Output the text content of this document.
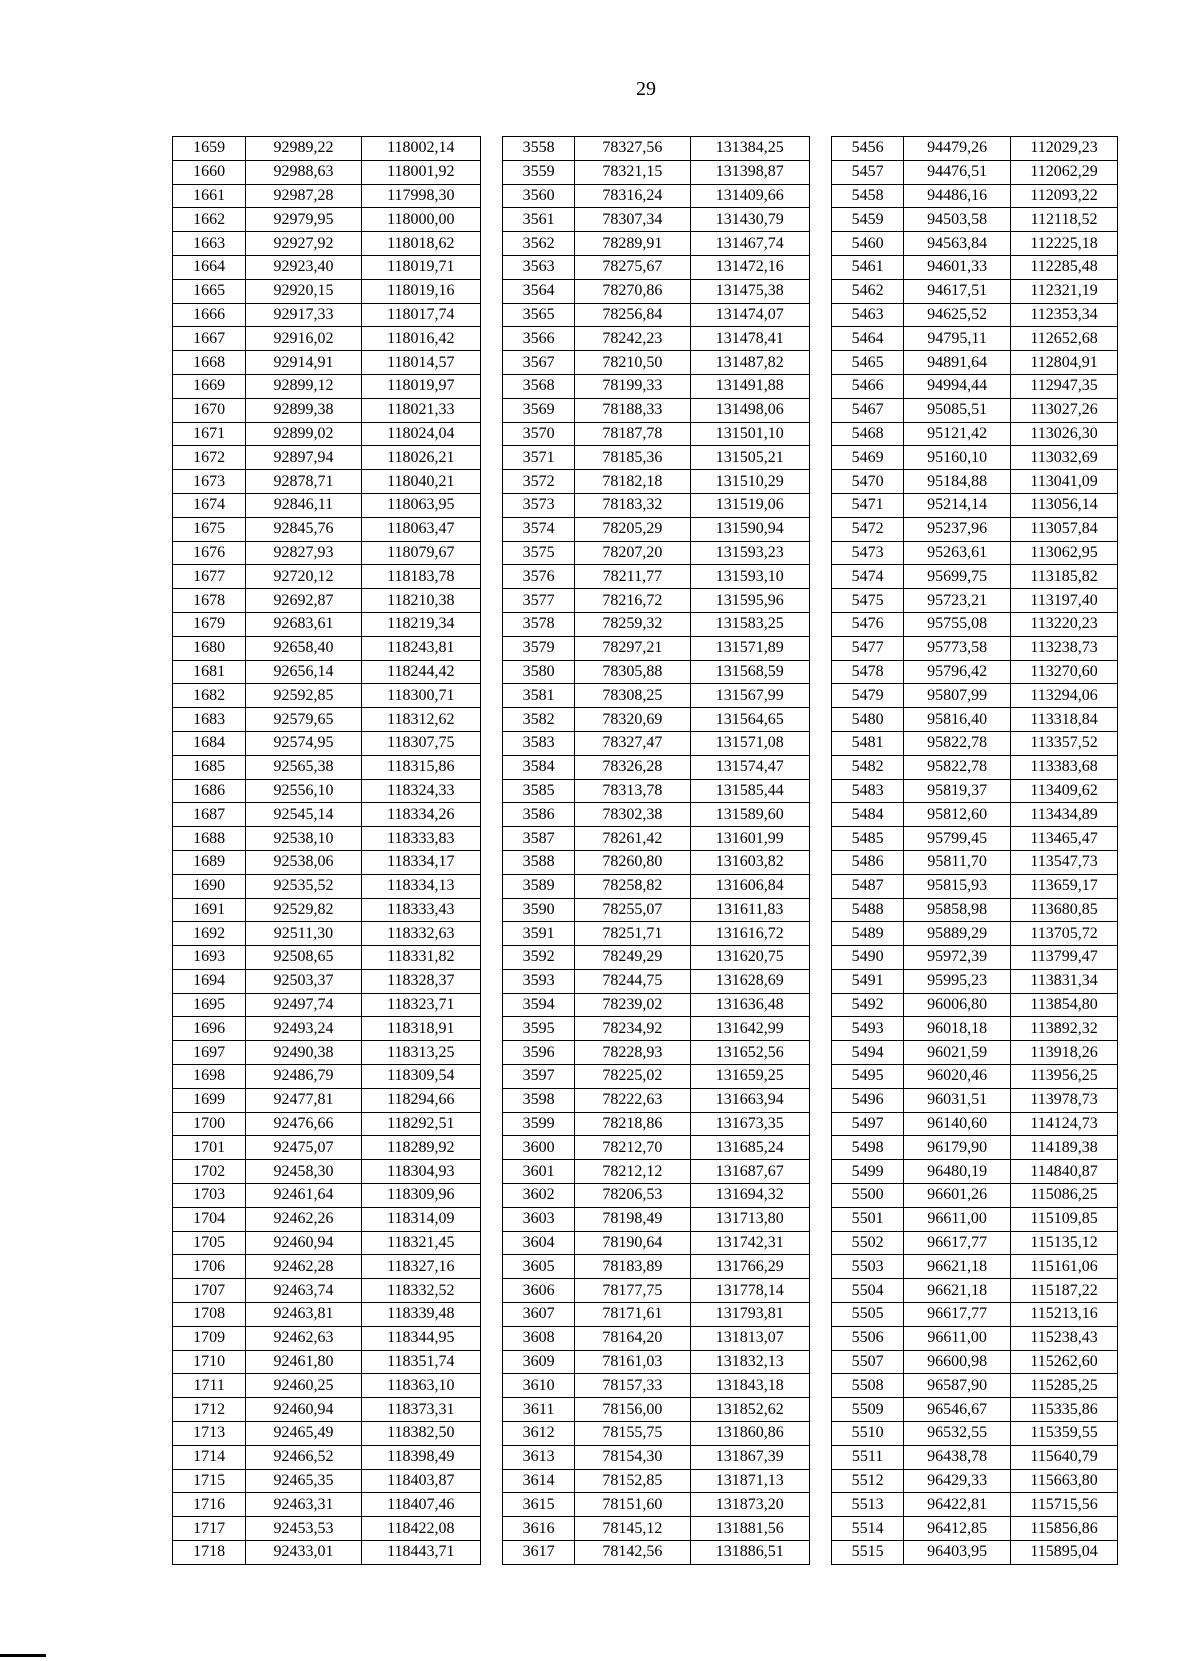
29
1659	92989,22	118002,14		3558	78327,56	131384,25		5456	94479,26	112029,23
1660	92988,63	118001,92		3559	78321,15	131398,87		5457	94476,51	112062,29
1661	92987,28	117998,30		3560	78316,24	131409,66		5458	94486,16	112093,22
1662	92979,95	118000,00		3561	78307,34	131430,79		5459	94503,58	112118,52
1663	92927,92	118018,62		3562	78289,91	131467,74		5460	94563,84	112225,18
1664	92923,40	118019,71		3563	78275,67	131472,16		5461	94601,33	112285,48
1665	92920,15	118019,16		3564	78270,86	131475,38		5462	94617,51	112321,19
1666	92917,33	118017,74		3565	78256,84	131474,07		5463	94625,52	112353,34
1667	92916,02	118016,42		3566	78242,23	131478,41		5464	94795,11	112652,68
1668	92914,91	118014,57		3567	78210,50	131487,82		5465	94891,64	112804,91
1669	92899,12	118019,97		3568	78199,33	131491,88		5466	94994,44	112947,35
1670	92899,38	118021,33		3569	78188,33	131498,06		5467	95085,51	113027,26
1671	92899,02	118024,04		3570	78187,78	131501,10		5468	95121,42	113026,30
1672	92897,94	118026,21		3571	78185,36	131505,21		5469	95160,10	113032,69
1673	92878,71	118040,21		3572	78182,18	131510,29		5470	95184,88	113041,09
1674	92846,11	118063,95		3573	78183,32	131519,06		5471	95214,14	113056,14
1675	92845,76	118063,47		3574	78205,29	131590,94		5472	95237,96	113057,84
1676	92827,93	118079,67		3575	78207,20	131593,23		5473	95263,61	113062,95
1677	92720,12	118183,78		3576	78211,77	131593,10		5474	95699,75	113185,82
1678	92692,87	118210,38		3577	78216,72	131595,96		5475	95723,21	113197,40
1679	92683,61	118219,34		3578	78259,32	131583,25		5476	95755,08	113220,23
1680	92658,40	118243,81		3579	78297,21	131571,89		5477	95773,58	113238,73
1681	92656,14	118244,42		3580	78305,88	131568,59		5478	95796,42	113270,60
1682	92592,85	118300,71		3581	78308,25	131567,99		5479	95807,99	113294,06
1683	92579,65	118312,62		3582	78320,69	131564,65		5480	95816,40	113318,84
1684	92574,95	118307,75		3583	78327,47	131571,08		5481	95822,78	113357,52
1685	92565,38	118315,86		3584	78326,28	131574,47		5482	95822,78	113383,68
1686	92556,10	118324,33		3585	78313,78	131585,44		5483	95819,37	113409,62
1687	92545,14	118334,26		3586	78302,38	131589,60		5484	95812,60	113434,89
1688	92538,10	118333,83		3587	78261,42	131601,99		5485	95799,45	113465,47
1689	92538,06	118334,17		3588	78260,80	131603,82		5486	95811,70	113547,73
1690	92535,52	118334,13		3589	78258,82	131606,84		5487	95815,93	113659,17
1691	92529,82	118333,43		3590	78255,07	131611,83		5488	95858,98	113680,85
1692	92511,30	118332,63		3591	78251,71	131616,72		5489	95889,29	113705,72
1693	92508,65	118331,82		3592	78249,29	131620,75		5490	95972,39	113799,47
1694	92503,37	118328,37		3593	78244,75	131628,69		5491	95995,23	113831,34
1695	92497,74	118323,71		3594	78239,02	131636,48		5492	96006,80	113854,80
1696	92493,24	118318,91		3595	78234,92	131642,99		5493	96018,18	113892,32
1697	92490,38	118313,25		3596	78228,93	131652,56		5494	96021,59	113918,26
1698	92486,79	118309,54		3597	78225,02	131659,25		5495	96020,46	113956,25
1699	92477,81	118294,66		3598	78222,63	131663,94		5496	96031,51	113978,73
1700	92476,66	118292,51		3599	78218,86	131673,35		5497	96140,60	114124,73
1701	92475,07	118289,92		3600	78212,70	131685,24		5498	96179,90	114189,38
1702	92458,30	118304,93		3601	78212,12	131687,67		5499	96480,19	114840,87
1703	92461,64	118309,96		3602	78206,53	131694,32		5500	96601,26	115086,25
1704	92462,26	118314,09		3603	78198,49	131713,80		5501	96611,00	115109,85
1705	92460,94	118321,45		3604	78190,64	131742,31		5502	96617,77	115135,12
1706	92462,28	118327,16		3605	78183,89	131766,29		5503	96621,18	115161,06
1707	92463,74	118332,52		3606	78177,75	131778,14		5504	96621,18	115187,22
1708	92463,81	118339,48		3607	78171,61	131793,81		5505	96617,77	115213,16
1709	92462,63	118344,95		3608	78164,20	131813,07		5506	96611,00	115238,43
1710	92461,80	118351,74		3609	78161,03	131832,13		5507	96600,98	115262,60
1711	92460,25	118363,10		3610	78157,33	131843,18		5508	96587,90	115285,25
1712	92460,94	118373,31		3611	78156,00	131852,62		5509	96546,67	115335,86
1713	92465,49	118382,50		3612	78155,75	131860,86		5510	96532,55	115359,55
1714	92466,52	118398,49		3613	78154,30	131867,39		5511	96438,78	115640,79
1715	92465,35	118403,87		3614	78152,85	131871,13		5512	96429,33	115663,80
1716	92463,31	118407,46		3615	78151,60	131873,20		5513	96422,81	115715,56
1717	92453,53	118422,08		3616	78145,12	131881,56		5514	96412,85	115856,86
1718	92433,01	118443,71		3617	78142,56	131886,51		5515	96403,95	115895,04
